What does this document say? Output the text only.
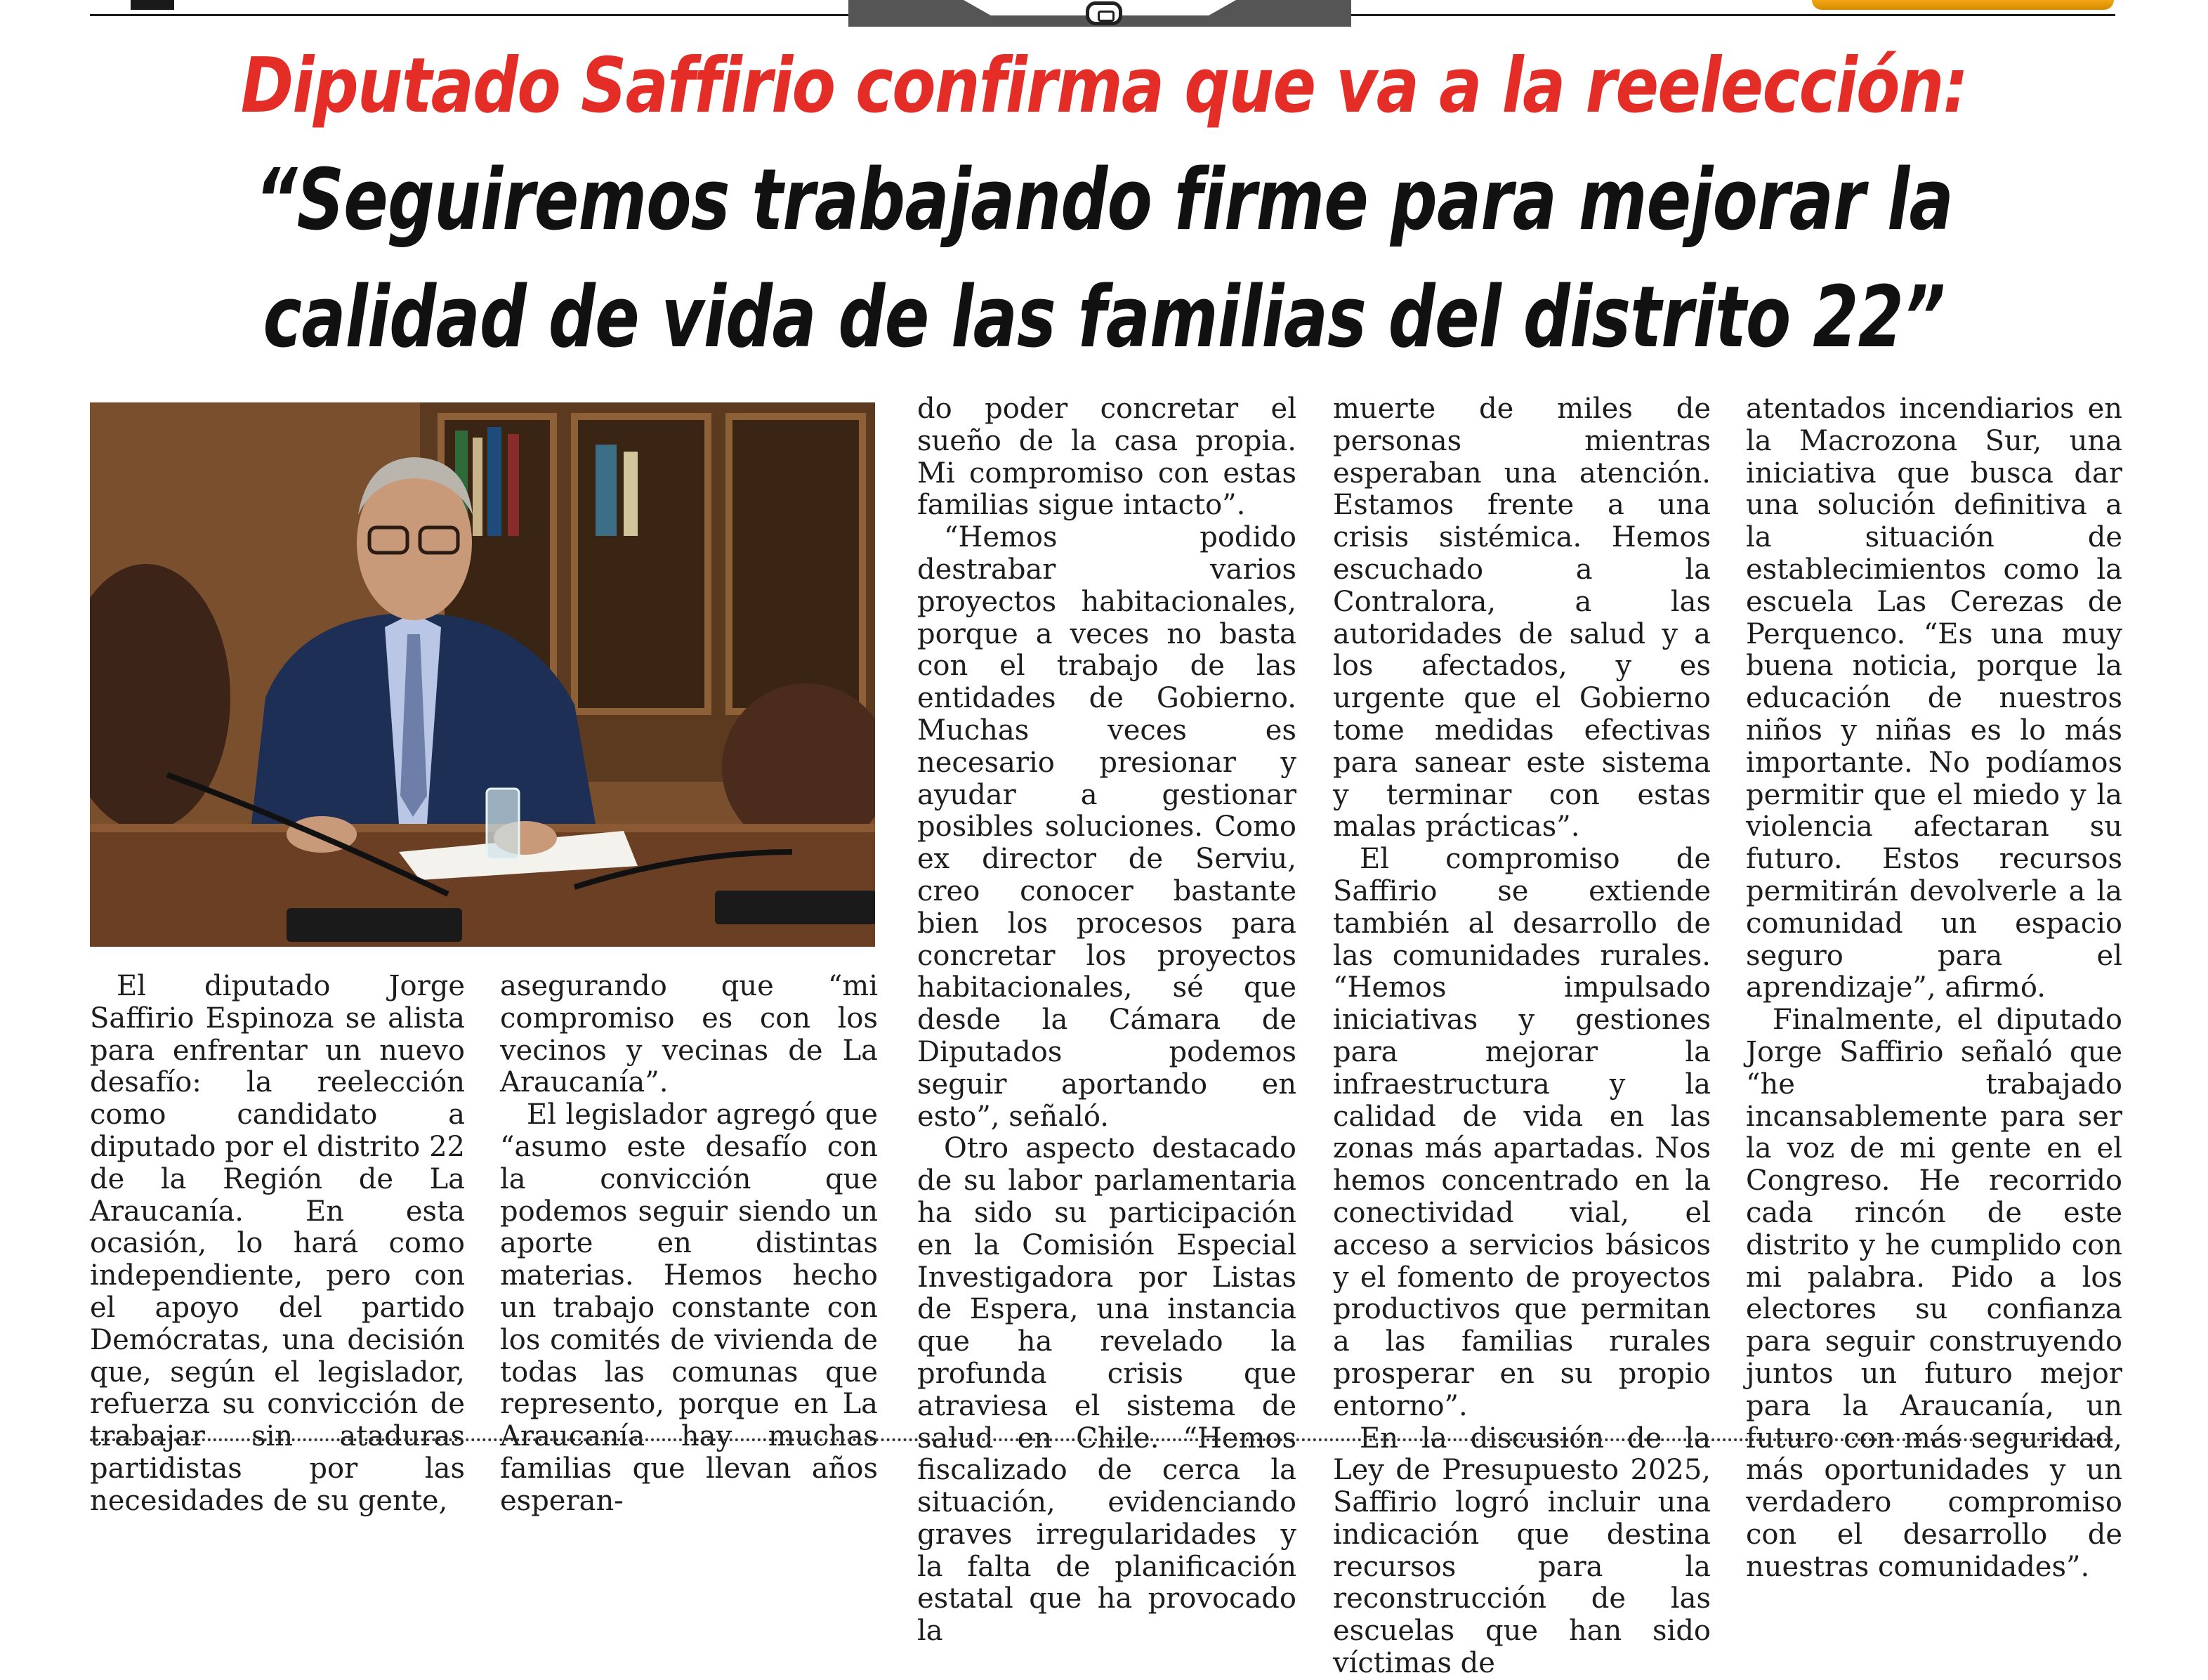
Diputado Saffirio confirma que va a la reelección:
“Seguiremos trabajando firme para mejorar la
calidad de vida de las familias del distrito 22”

El diputado Jorge Saffirio Espinoza se alista para enfrentar un nuevo desafío: la reelección como candidato a diputado por el distrito 22 de la Región de La Araucanía. En esta ocasión, lo hará como independiente, pero con el apoyo del partido Demócratas, una decisión que, según el legislador, refuerza su convicción de trabajar sin ataduras partidistas por las necesidades de su gente,

asegurando que “mi compromiso es con los vecinos y vecinas de La Araucanía”.

El legislador agregó que “asumo este desafío con la convicción que podemos seguir siendo un aporte en distintas materias. Hemos hecho un trabajo constante con los comités de vivienda de todas las comunas que represento, porque en La Araucanía hay muchas familias que llevan años esperan-

do poder concretar el sueño de la casa propia. Mi compromiso con estas familias sigue intacto”.

“Hemos podido destrabar varios proyectos habitacionales, porque a veces no basta con el trabajo de las entidades de Gobierno. Muchas veces es necesario presionar y ayudar a gestionar posibles soluciones. Como ex director de Serviu, creo conocer bastante bien los procesos para concretar los proyectos habitacionales, sé que desde la Cámara de Diputados podemos seguir aportando en esto”, señaló.

Otro aspecto destacado de su labor parlamentaria ha sido su participación en la Comisión Especial Investigadora por Listas de Espera, una instancia que ha revelado la profunda crisis que atraviesa el sistema de salud en Chile. “Hemos fiscalizado de cerca la situación, evidenciando graves irregularidades y la falta de planificación estatal que ha provocado la

muerte de miles de personas mientras esperaban una atención. Estamos frente a una crisis sistémica. Hemos escuchado a la Contralora, a las autoridades de salud y a los afectados, y es urgente que el Gobierno tome medidas efectivas para sanear este sistema y terminar con estas malas prácticas”.

El compromiso de Saffirio se extiende también al desarrollo de las comunidades rurales. “Hemos impulsado iniciativas y gestiones para mejorar la infraestructura y la calidad de vida en las zonas más apartadas. Nos hemos concentrado en la conectividad vial, el acceso a servicios básicos y el fomento de proyectos productivos que permitan a las familias rurales prosperar en su propio entorno”.

En la discusión de la Ley de Presupuesto 2025, Saffirio logró incluir una indicación que destina recursos para la reconstrucción de las escuelas que han sido víctimas de

atentados incendiarios en la Macrozona Sur, una iniciativa que busca dar una solución definitiva a la situación de establecimientos como la escuela Las Cerezas de Perquenco. “Es una muy buena noticia, porque la educación de nuestros niños y niñas es lo más importante. No podíamos permitir que el miedo y la violencia afectaran su futuro. Estos recursos permitirán devolverle a la comunidad un espacio seguro para el aprendizaje”, afirmó.

Finalmente, el diputado Jorge Saffirio señaló que “he trabajado incansablemente para ser la voz de mi gente en el Congreso. He recorrido cada rincón de este distrito y he cumplido con mi palabra. Pido a los electores su confianza para seguir construyendo juntos un futuro mejor para la Araucanía, un futuro con más seguridad, más oportunidades y un verdadero compromiso con el desarrollo de nuestras comunidades”.
